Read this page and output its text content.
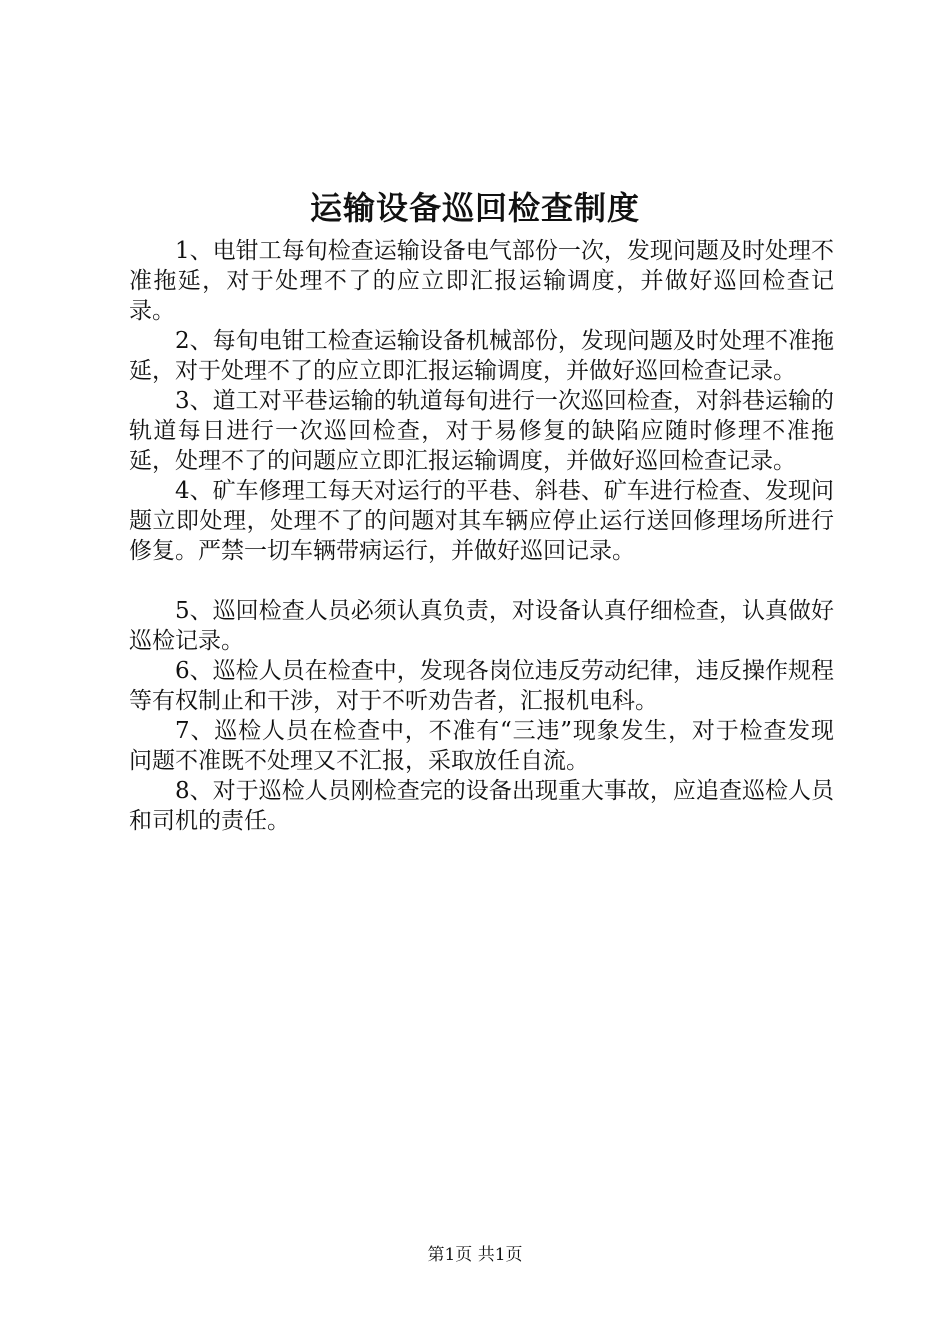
运输设备巡回检查制度

1、电钳工每旬检查运输设备电气部份一次，发现问题及时处理不准拖延，对于处理不了的应立即汇报运输调度，并做好巡回检查记录。

2、每旬电钳工检查运输设备机械部份，发现问题及时处理不准拖延，对于处理不了的应立即汇报运输调度，并做好巡回检查记录。

3、道工对平巷运输的轨道每旬进行一次巡回检查，对斜巷运输的轨道每日进行一次巡回检查，对于易修复的缺陷应随时修理不准拖延，处理不了的问题应立即汇报运输调度，并做好巡回检查记录。

4、矿车修理工每天对运行的平巷、斜巷、矿车进行检查、发现问题立即处理，处理不了的问题对其车辆应停止运行送回修理场所进行修复。严禁一切车辆带病运行，并做好巡回记录。

5、巡回检查人员必须认真负责，对设备认真仔细检查，认真做好巡检记录。

6、巡检人员在检查中，发现各岗位违反劳动纪律，违反操作规程等有权制止和干涉，对于不听劝告者，汇报机电科。

7、巡检人员在检查中，不准有“三违”现象发生，对于检查发现问题不准既不处理又不汇报，采取放任自流。

8、对于巡检人员刚检查完的设备出现重大事故，应追查巡检人员和司机的责任。

第1页 共1页
